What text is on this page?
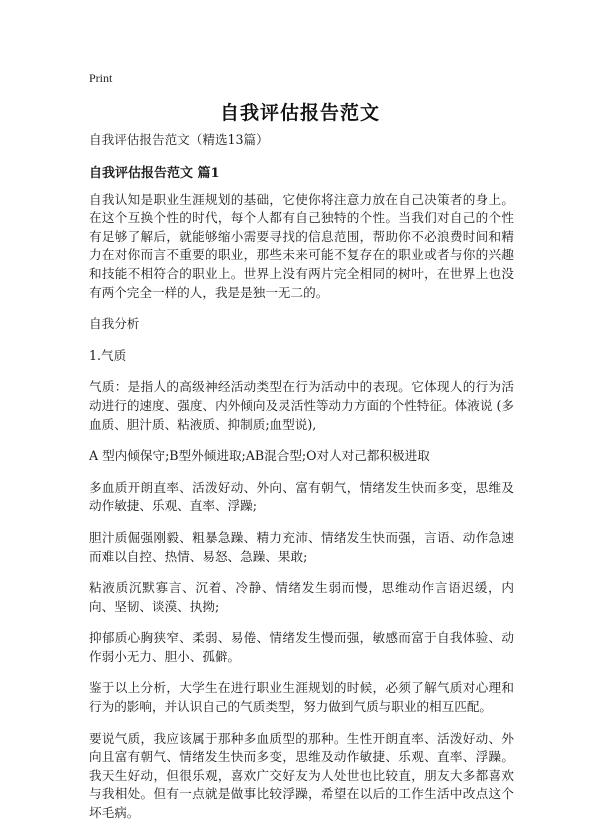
Print
自我评估报告范文

自我评估报告范文（精选13篇）

自我评估报告范文 篇1

自我认知是职业生涯规划的基础，它使你将注意力放在自己决策者的身上。在这个互换个性的时代，每个人都有自己独特的个性。当我们对自己的个性有足够了解后，就能够缩小需要寻找的信息范围，帮助你不必浪费时间和精力在对你而言不重要的职业，那些未来可能不复存在的职业或者与你的兴趣和技能不相符合的职业上。世界上没有两片完全相同的树叶，在世界上也没有两个完全一样的人，我是是独一无二的。

自我分析

1.气质

气质：是指人的高级神经活动类型在行为活动中的表现。它体现人的行为活动进行的速度、强度、内外倾向及灵活性等动力方面的个性特征。体液说 (多血质、胆汁质、粘液质、抑制质;血型说),

A 型内倾保守;B型外倾进取;AB混合型;O对人对己都积极进取

多血质开朗直率、活泼好动、外向、富有朝气，情绪发生快而多变，思维及动作敏捷、乐观、直率、浮躁;

胆汁质倔强刚毅、粗暴急躁、精力充沛、情绪发生快而强，言语、动作急速而难以自控、热情、易怒、急躁、果敢;

粘液质沉默寡言、沉着、冷静、情绪发生弱而慢，思维动作言语迟缓，内向、坚韧、谈漠、执拗;

抑郁质心胸狭窄、柔弱、易倦、情绪发生慢而强，敏感而富于自我体验、动作弱小无力、胆小、孤僻。

鉴于以上分析，大学生在进行职业生涯规划的时候，必须了解气质对心理和行为的影响，并认识自己的气质类型，努力做到气质与职业的相互匹配。

要说气质，我应该属于那种多血质型的那种。生性开朗直率、活泼好动、外向且富有朝气、情绪发生快而多变，思维及动作敏捷、乐观、直率、浮躁。我天生好动，但很乐观，喜欢广交好友为人处世也比较直，朋友大多都喜欢与我相处。但有一点就是做事比较浮躁，希望在以后的工作生活中改点这个坏毛病。
